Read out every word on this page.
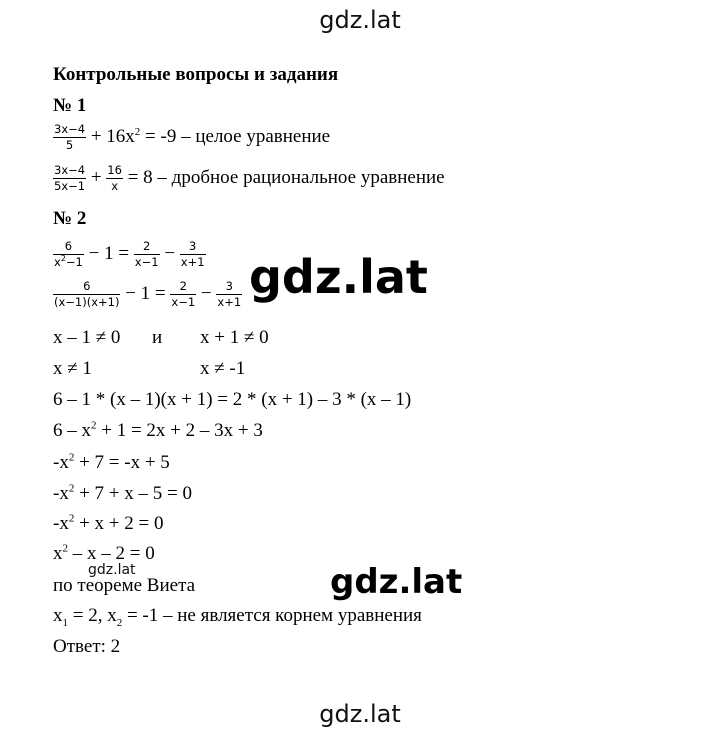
gdz.lat
gdz.lat
gdz.lat
gdz.lat
gdz.lat
Контрольные вопросы и задания
№ 1
$\frac{3x-4}{5} + 16x^2 = -9$ – целое уравнение
$\frac{3x-4}{5x-1} + \frac{16}{x} = 8$ – дробное рациональное уравнение
№ 2
$\frac{6}{x^2-1} - 1 = \frac{2}{x-1} - \frac{3}{x+1}$
$\frac{6}{(x-1)(x+1)} - 1 = \frac{2}{x-1} - \frac{3}{x+1}$
x – 1 ≠ 0 и x + 1 ≠ 0
x ≠ 1	x ≠ -1
6 – 1 * (x – 1)(x + 1) = 2 * (x + 1) – 3 * (x – 1)
$6 - x^2 + 1 = 2x + 2 - 3x + 3$
$-x^2 + 7 = -x + 5$
$-x^2 + 7 + x - 5 = 0$
$-x^2 + x + 2 = 0$
$x^2 - x - 2 = 0$
по теореме Виета
$x_1 = 2$, $x_2 = -1$ – не является корнем уравнения
Ответ: 2
